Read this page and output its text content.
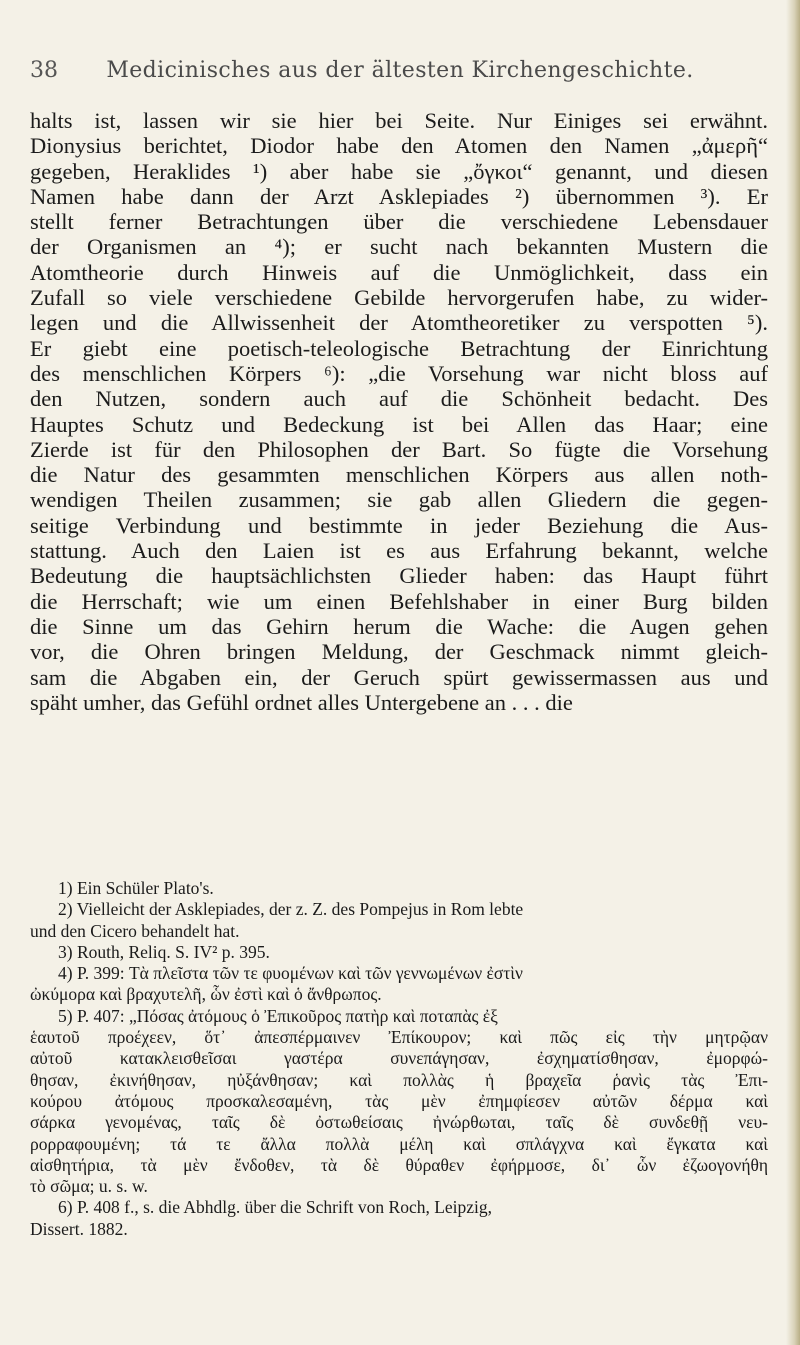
38	Medicinisches aus der ältesten Kirchengeschichte.
halts ist, lassen wir sie hier bei Seite. Nur Einiges sei erwähnt.
Dionysius berichtet, Diodor habe den Atomen den Namen „ἀμερῆ“
gegeben, Heraklides ¹) aber habe sie „ὄγκοι“ genannt, und diesen
Namen habe dann der Arzt Asklepiades ²) übernommen ³). Er
stellt ferner Betrachtungen über die verschiedene Lebensdauer
der Organismen an ⁴); er sucht nach bekannten Mustern die
Atomtheorie durch Hinweis auf die Unmöglichkeit, dass ein
Zufall so viele verschiedene Gebilde hervorgerufen habe, zu wider-
legen und die Allwissenheit der Atomtheoretiker zu verspotten ⁵).
Er giebt eine poetisch-teleologische Betrachtung der Einrichtung
des menschlichen Körpers ⁶): „die Vorsehung war nicht bloss auf
den Nutzen, sondern auch auf die Schönheit bedacht. Des
Hauptes Schutz und Bedeckung ist bei Allen das Haar; eine
Zierde ist für den Philosophen der Bart. So fügte die Vorsehung
die Natur des gesammten menschlichen Körpers aus allen noth-
wendigen Theilen zusammen; sie gab allen Gliedern die gegen-
seitige Verbindung und bestimmte in jeder Beziehung die Aus-
stattung. Auch den Laien ist es aus Erfahrung bekannt, welche
Bedeutung die hauptsächlichsten Glieder haben: das Haupt führt
die Herrschaft; wie um einen Befehlshaber in einer Burg bilden
die Sinne um das Gehirn herum die Wache: die Augen gehen
vor, die Ohren bringen Meldung, der Geschmack nimmt gleich-
sam die Abgaben ein, der Geruch spürt gewissermassen aus und
späht umher, das Gefühl ordnet alles Untergebene an . . . die
1) Ein Schüler Plato's.
2) Vielleicht der Asklepiades, der z. Z. des Pompejus in Rom lebte
und den Cicero behandelt hat.
3) Routh, Reliq. S. IV² p. 395.
4) P. 399: Τὰ πλεῖστα τῶν τε φυομένων καὶ τῶν γεννωμένων ἐστὶν
ὠκύμορα καὶ βραχυτελῆ, ὧν ἐστὶ καὶ ὁ ἄνθρωπος.
5) P. 407: „Πόσας ἀτόμους ὁ Ἐπικοῦρος πατὴρ καὶ ποταπὰς ἐξ
ἑαυτοῦ προέχεεν, ὅτ᾽ ἀπεσπέρμαινεν Ἐπίκουρον; καὶ πῶς εἰς τὴν μητρῷαν
αὐτοῦ κατακλεισθεῖσαι γαστέρα συνεπάγησαν, ἐσχηματίσθησαν, ἐμορφώ-
θησαν, ἐκινήθησαν, ηὐξάνθησαν; καὶ πολλὰς ἡ βραχεῖα ῥανὶς τὰς Ἐπι-
κούρου ἀτόμους προσκαλεσαμένη, τὰς μὲν ἐπημφίεσεν αὐτῶν δέρμα καὶ
σάρκα γενομένας, ταῖς δὲ ὀστωθείσαις ἠνώρθωται, ταῖς δὲ συνδεθῇ νευ-
ρορραφουμένη; τά τε ἄλλα πολλὰ μέλη καὶ σπλάγχνα καὶ ἔγκατα καὶ
αἰσθητήρια, τὰ μὲν ἔνδοθεν, τὰ δὲ θύραθεν ἐφήρμοσε, δι᾽ ὧν ἐζωογονήθη
τὸ σῶμα; u. s. w.
6) P. 408 f., s. die Abhdlg. über die Schrift von Roch, Leipzig,
Dissert. 1882.
